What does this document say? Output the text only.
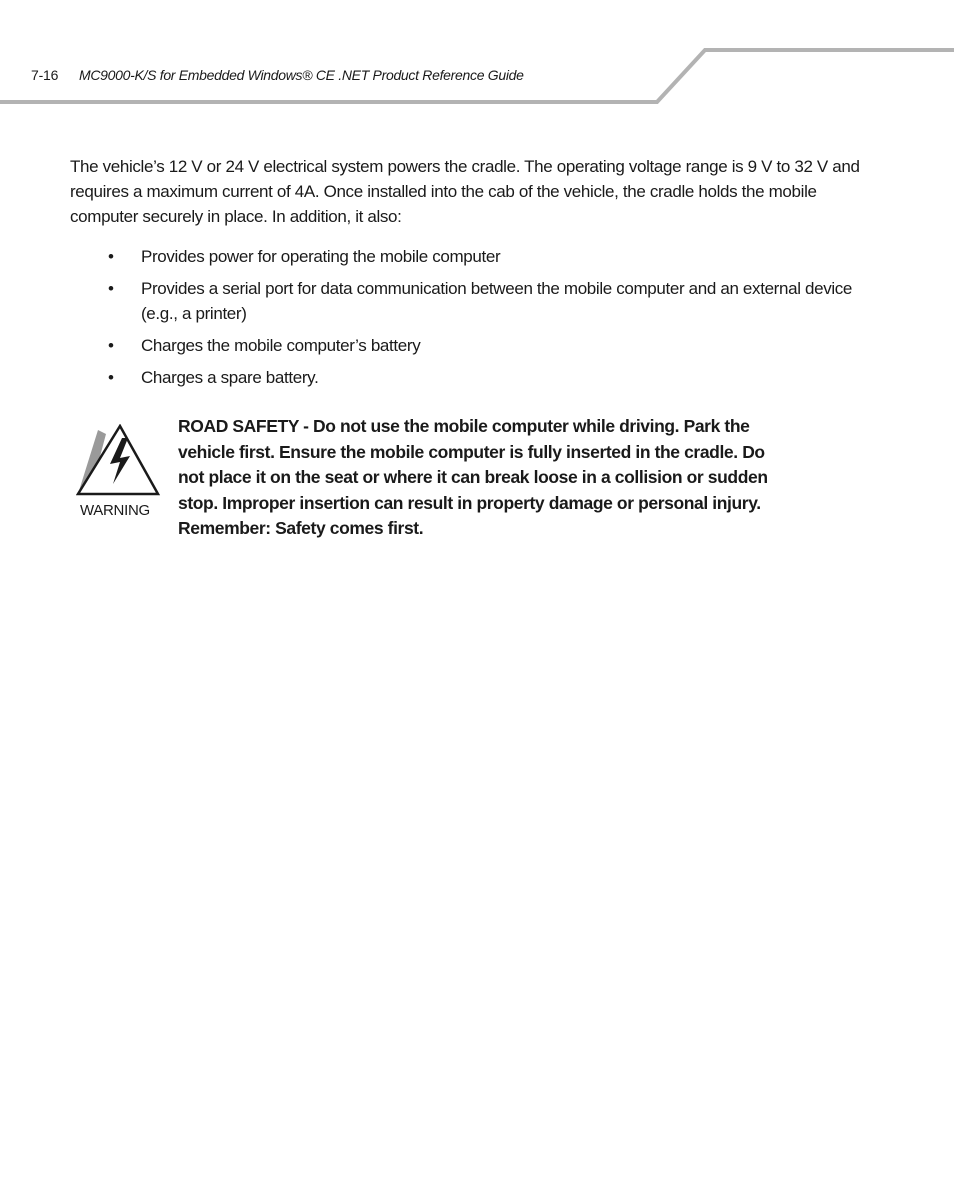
7-16 MC9000-K/S for Embedded Windows® CE .NET Product Reference Guide

The vehicle’s 12 V or 24 V electrical system powers the cradle. The operating voltage range is 9 V to 32 V and requires a maximum current of 4A. Once installed into the cab of the vehicle, the cradle holds the mobile computer securely in place. In addition, it also:

• Provides power for operating the mobile computer
• Provides a serial port for data communication between the mobile computer and an external device (e.g., a printer)
• Charges the mobile computer’s battery
• Charges a spare battery.
WARNING

ROAD SAFETY - Do not use the mobile computer while driving. Park the vehicle first. Ensure the mobile computer is fully inserted in the cradle. Do not place it on the seat or where it can break loose in a collision or sudden stop. Improper insertion can result in property damage or personal injury. Remember: Safety comes first.
